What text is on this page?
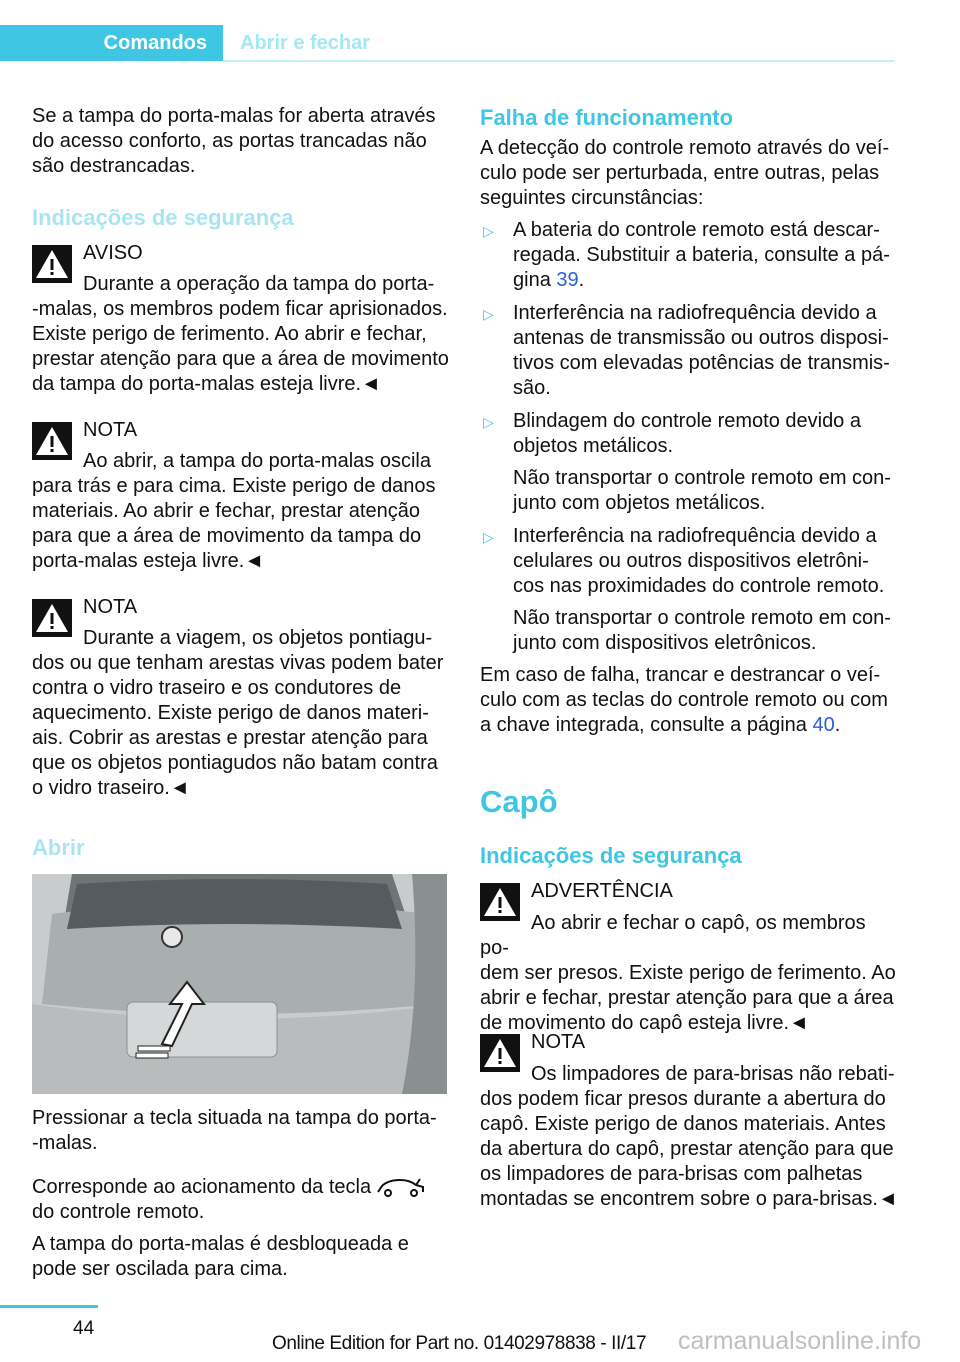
Comandos	Abrir e fechar

Se a tampa do porta-malas for aberta através
do acesso conforto, as portas trancadas não
são destrancadas.

Indicações de segurança
AVISO

Durante a operação da tampa do porta-
-malas, os membros podem ficar aprisionados.
Existe perigo de ferimento. Ao abrir e fechar,
prestar atenção para que a área de movimento
da tampa do porta-malas esteja livre.◄

NOTA

Ao abrir, a tampa do porta-malas oscila
para trás e para cima. Existe perigo de danos
materiais. Ao abrir e fechar, prestar atenção
para que a área de movimento da tampa do
porta-malas esteja livre.◄

NOTA

Durante a viagem, os objetos pontiagu-
dos ou que tenham arestas vivas podem bater
contra o vidro traseiro e os condutores de
aquecimento. Existe perigo de danos materi-
ais. Cobrir as arestas e prestar atenção para
que os objetos pontiagudos não batam contra
o vidro traseiro.◄

Abrir

Pressionar a tecla situada na tampa do porta-
-malas.

Corresponde ao acionamento da tecla
do controle remoto.

A tampa do porta-malas é desbloqueada e
pode ser oscilada para cima.

Falha de funcionamento

A detecção do controle remoto através do veí-
culo pode ser perturbada, entre outras, pelas
seguintes circunstâncias:

▷ A bateria do controle remoto está descar-
regada. Substituir a bateria, consulte a pá-
gina 39.

▷ Interferência na radiofrequência devido a
antenas de transmissão ou outros disposi-
tivos com elevadas potências de transmis-
são.

▷ Blindagem do controle remoto devido a
objetos metálicos.

Não transportar o controle remoto em con-
junto com objetos metálicos.

▷ Interferência na radiofrequência devido a
celulares ou outros dispositivos eletrôni-
cos nas proximidades do controle remoto.

Não transportar o controle remoto em con-
junto com dispositivos eletrônicos.

Em caso de falha, trancar e destrancar o veí-
culo com as teclas do controle remoto ou com
a chave integrada, consulte a página 40.

Capô
Indicações de segurança
ADVERTÊNCIA

Ao abrir e fechar o capô, os membros po-
dem ser presos. Existe perigo de ferimento. Ao
abrir e fechar, prestar atenção para que a área
de movimento do capô esteja livre.◄

NOTA

Os limpadores de para-brisas não rebati-
dos podem ficar presos durante a abertura do
capô. Existe perigo de danos materiais. Antes
da abertura do capô, prestar atenção para que
os limpadores de para-brisas com palhetas
montadas se encontrem sobre o para-brisas.◄

44
Online Edition for Part no. 01402978838 - II/17 carmanualsonline.info
